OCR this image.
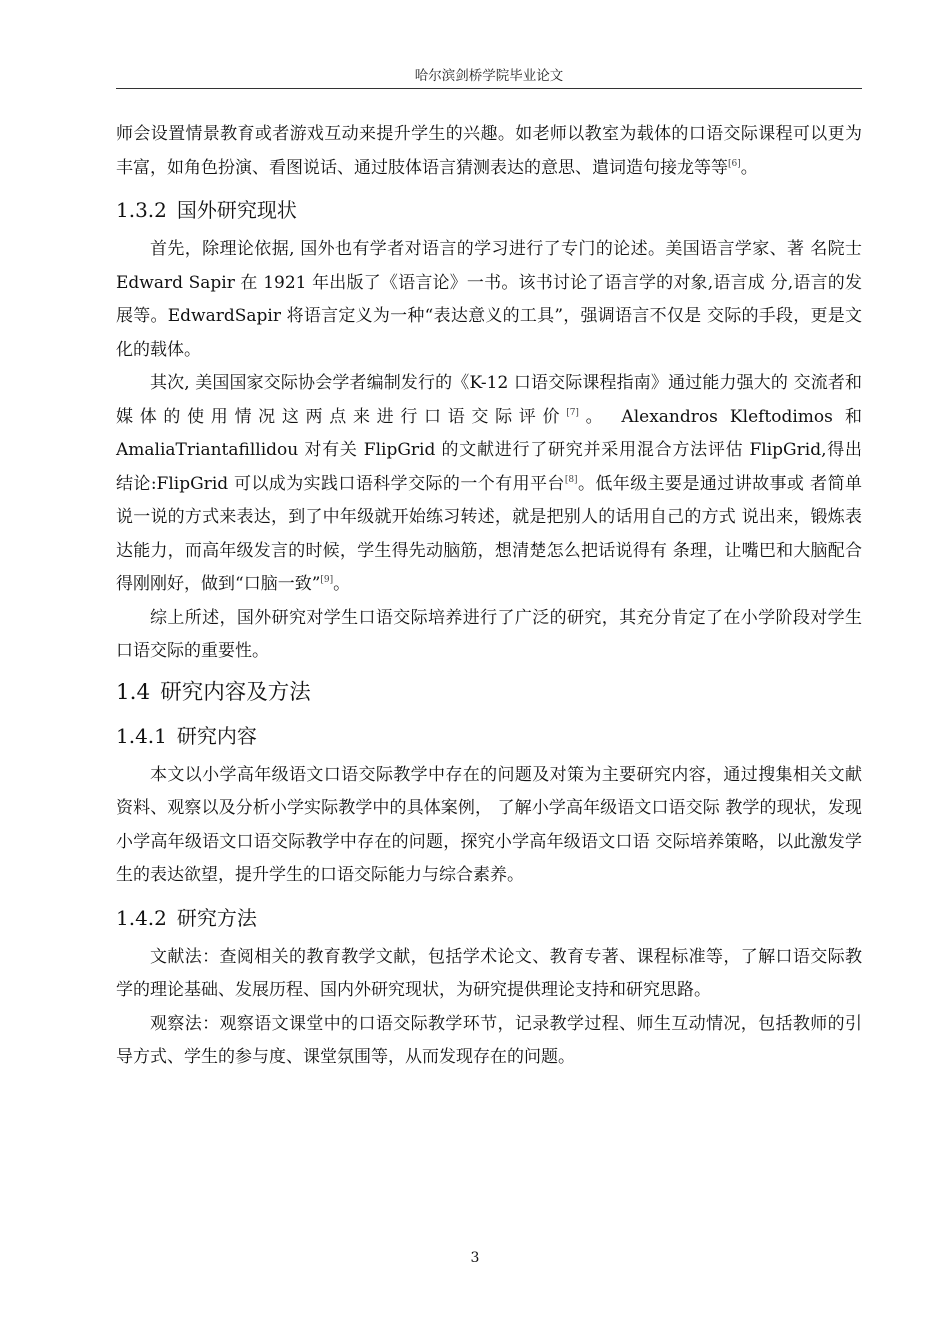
哈尔滨剑桥学院毕业论文

师会设置情景教育或者游戏互动来提升学生的兴趣。如老师以教室为载体的口语交际课程可以更为丰富，如角色扮演、看图说话、通过肢体语言猜测表达的意思、遣词造句接龙等等[6]。

1.3.2 国外研究现状

首先，除理论依据, 国外也有学者对语言的学习进行了专门的论述。美国语言学家、著 名院士 Edward Sapir 在 1921 年出版了《语言论》一书。该书讨论了语言学的对象,语言成 分,语言的发展等。EdwardSapir 将语言定义为一种“表达意义的工具”，强调语言不仅是 交际的手段，更是文化的载体。

其次, 美国国家交际协会学者编制发行的《K-12 口语交际课程指南》通过能力强大的 交流者和媒体的使用情况这两点来进行口语交际评价[7]。 Alexandros Kleftodimos 和 AmaliaTriantafillidou 对有关 FlipGrid 的文献进行了研究并采用混合方法评估 FlipGrid,得出 结论:FlipGrid 可以成为实践口语科学交际的一个有用平台[8]。低年级主要是通过讲故事或 者简单说一说的方式来表达，到了中年级就开始练习转述，就是把别人的话用自己的方式 说出来，锻炼表达能力，而高年级发言的时候，学生得先动脑筋，想清楚怎么把话说得有 条理，让嘴巴和大脑配合得刚刚好，做到“口脑一致”[9]。

综上所述，国外研究对学生口语交际培养进行了广泛的研究，其充分肯定了在小学阶段对学生口语交际的重要性。

1.4 研究内容及方法
1.4.1 研究内容

本文以小学高年级语文口语交际教学中存在的问题及对策为主要研究内容，通过搜集相关文献资料、观察以及分析小学实际教学中的具体案例， 了解小学高年级语文口语交际 教学的现状，发现小学高年级语文口语交际教学中存在的问题，探究小学高年级语文口语 交际培养策略，以此激发学生的表达欲望，提升学生的口语交际能力与综合素养。

1.4.2 研究方法

文献法：查阅相关的教育教学文献，包括学术论文、教育专著、课程标准等，了解口语交际教学的理论基础、发展历程、国内外研究现状，为研究提供理论支持和研究思路。

观察法：观察语文课堂中的口语交际教学环节，记录教学过程、师生互动情况，包括教师的引导方式、学生的参与度、课堂氛围等，从而发现存在的问题。

3
